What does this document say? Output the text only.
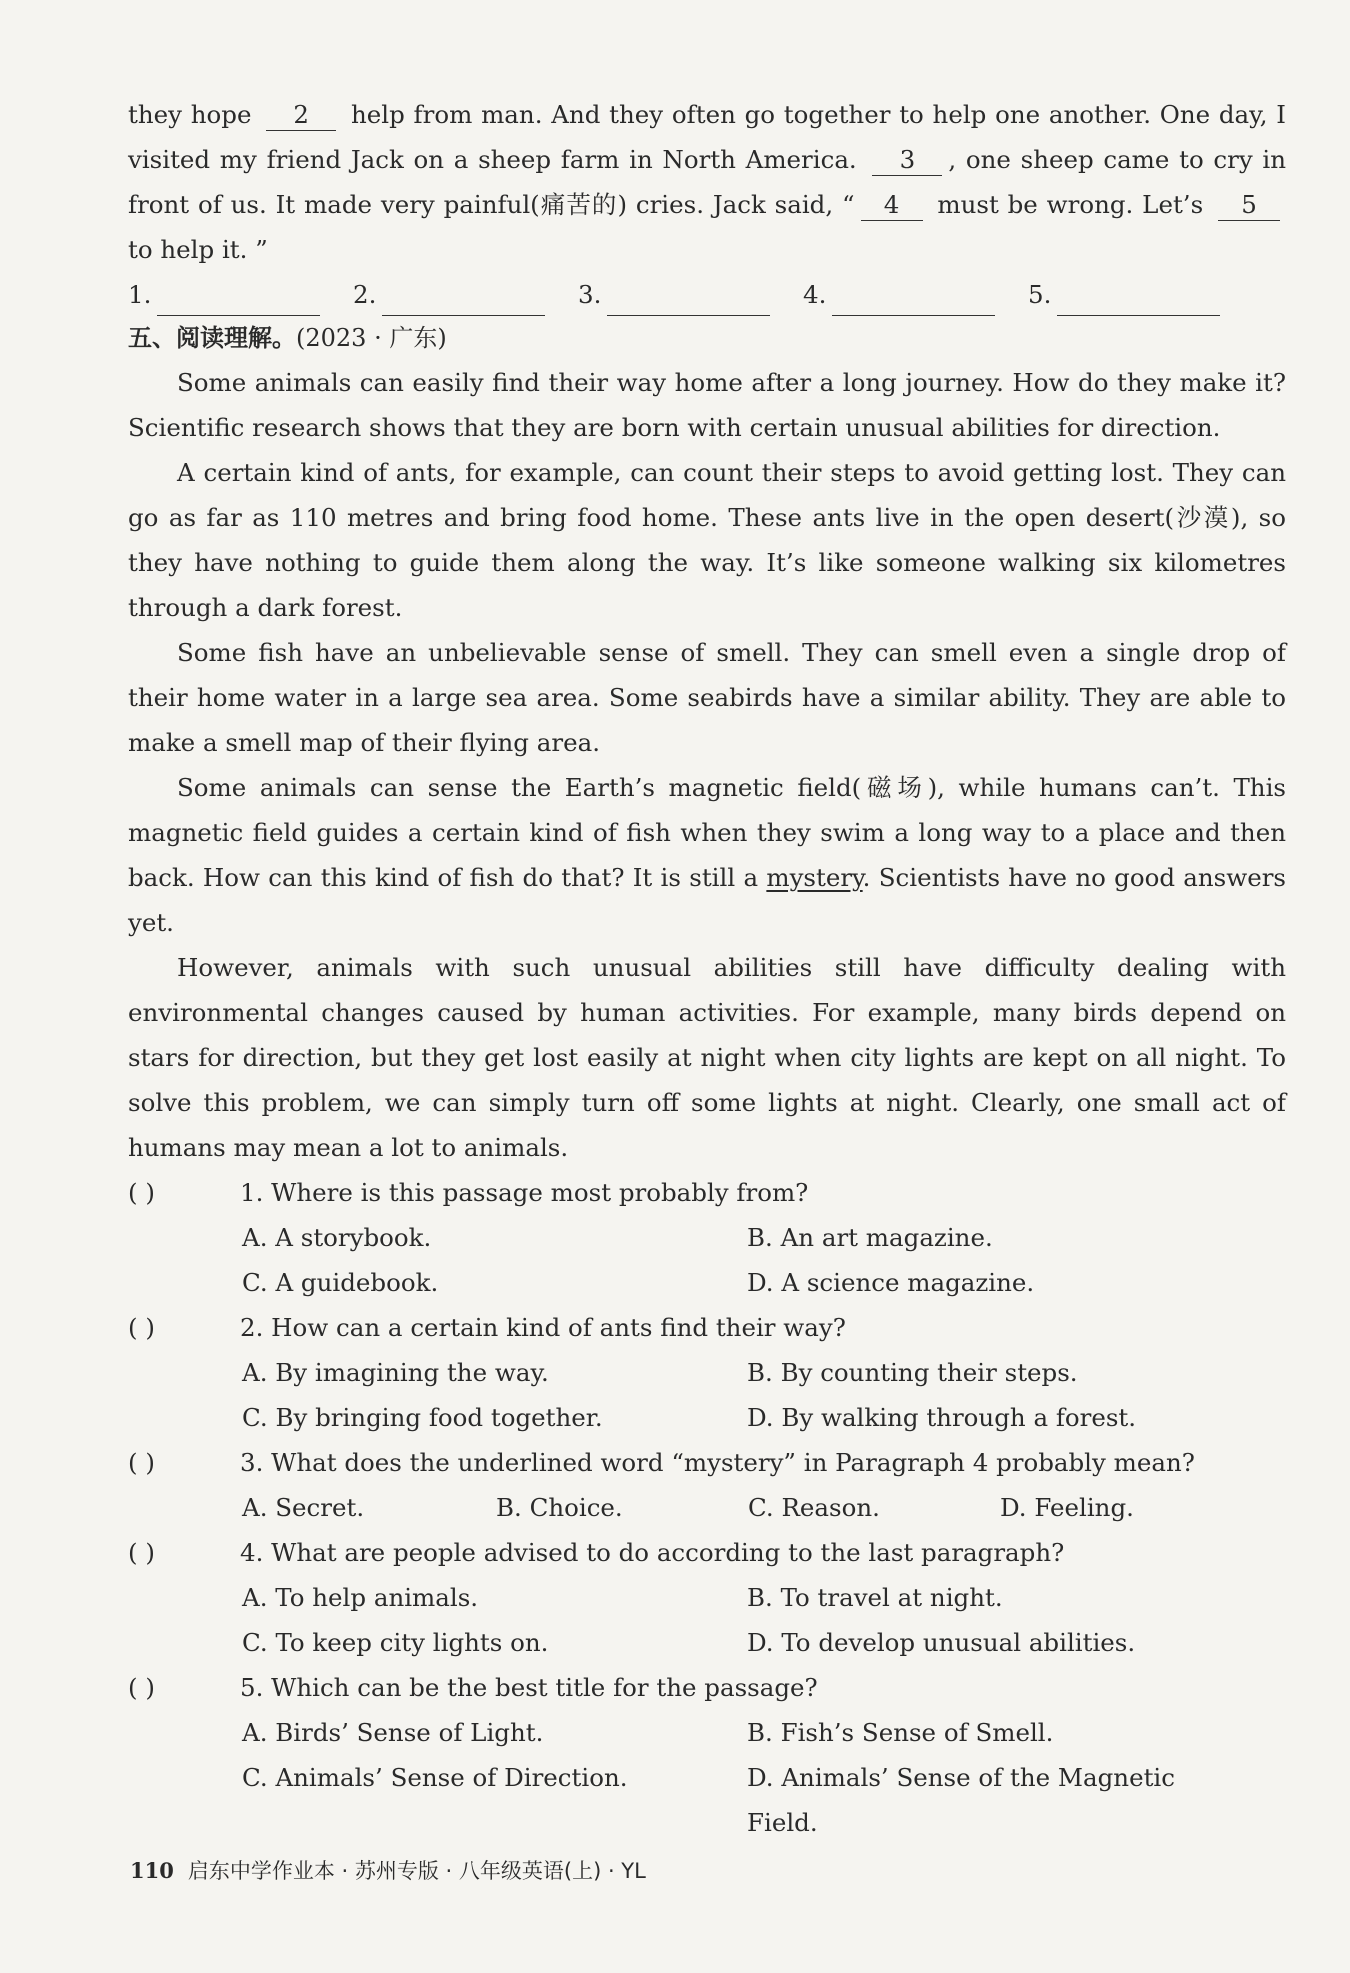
they hope 2 help from man. And they often go together to help one another. One day, I visited my friend Jack on a sheep farm in North America. 3 , one sheep came to cry in front of us. It made very painful(痛苦的) cries. Jack said, “ 4 must be wrong. Let’s 5 to help it. ”

1.	2.	3.	4.	5.
五、阅读理解。(2023 · 广东)

Some animals can easily find their way home after a long journey. How do they make it? Scientific research shows that they are born with certain unusual abilities for direction.

A certain kind of ants, for example, can count their steps to avoid getting lost. They can go as far as 110 metres and bring food home. These ants live in the open desert(沙漠), so they have nothing to guide them along the way. It’s like someone walking six kilometres through a dark forest.

Some fish have an unbelievable sense of smell. They can smell even a single drop of their home water in a large sea area. Some seabirds have a similar ability. They are able to make a smell map of their flying area.

Some animals can sense the Earth’s magnetic field(磁场), while humans can’t. This magnetic field guides a certain kind of fish when they swim a long way to a place and then back. How can this kind of fish do that? It is still a mystery. Scientists have no good answers yet.

However, animals with such unusual abilities still have difficulty dealing with environmental changes caused by human activities. For example, many birds depend on stars for direction, but they get lost easily at night when city lights are kept on all night. To solve this problem, we can simply turn off some lights at night. Clearly, one small act of humans may mean a lot to animals.

( )	1. Where is this passage most probably from?
A. A storybook.	B. An art magazine.
C. A guidebook.	D. A science magazine.
( )	2. How can a certain kind of ants find their way?
A. By imagining the way.	B. By counting their steps.
C. By bringing food together.	D. By walking through a forest.
( )	3. What does the underlined word “mystery” in Paragraph 4 probably mean?
A. Secret.	B. Choice.	C. Reason.	D. Feeling.
( )	4. What are people advised to do according to the last paragraph?
A. To help animals.	B. To travel at night.
C. To keep city lights on.	D. To develop unusual abilities.
( )	5. Which can be the best title for the passage?
A. Birds’ Sense of Light.	B. Fish’s Sense of Smell.
C. Animals’ Sense of Direction.	D. Animals’ Sense of the Magnetic Field.
110 启东中学作业本 · 苏州专版 · 八年级英语(上) · YL
